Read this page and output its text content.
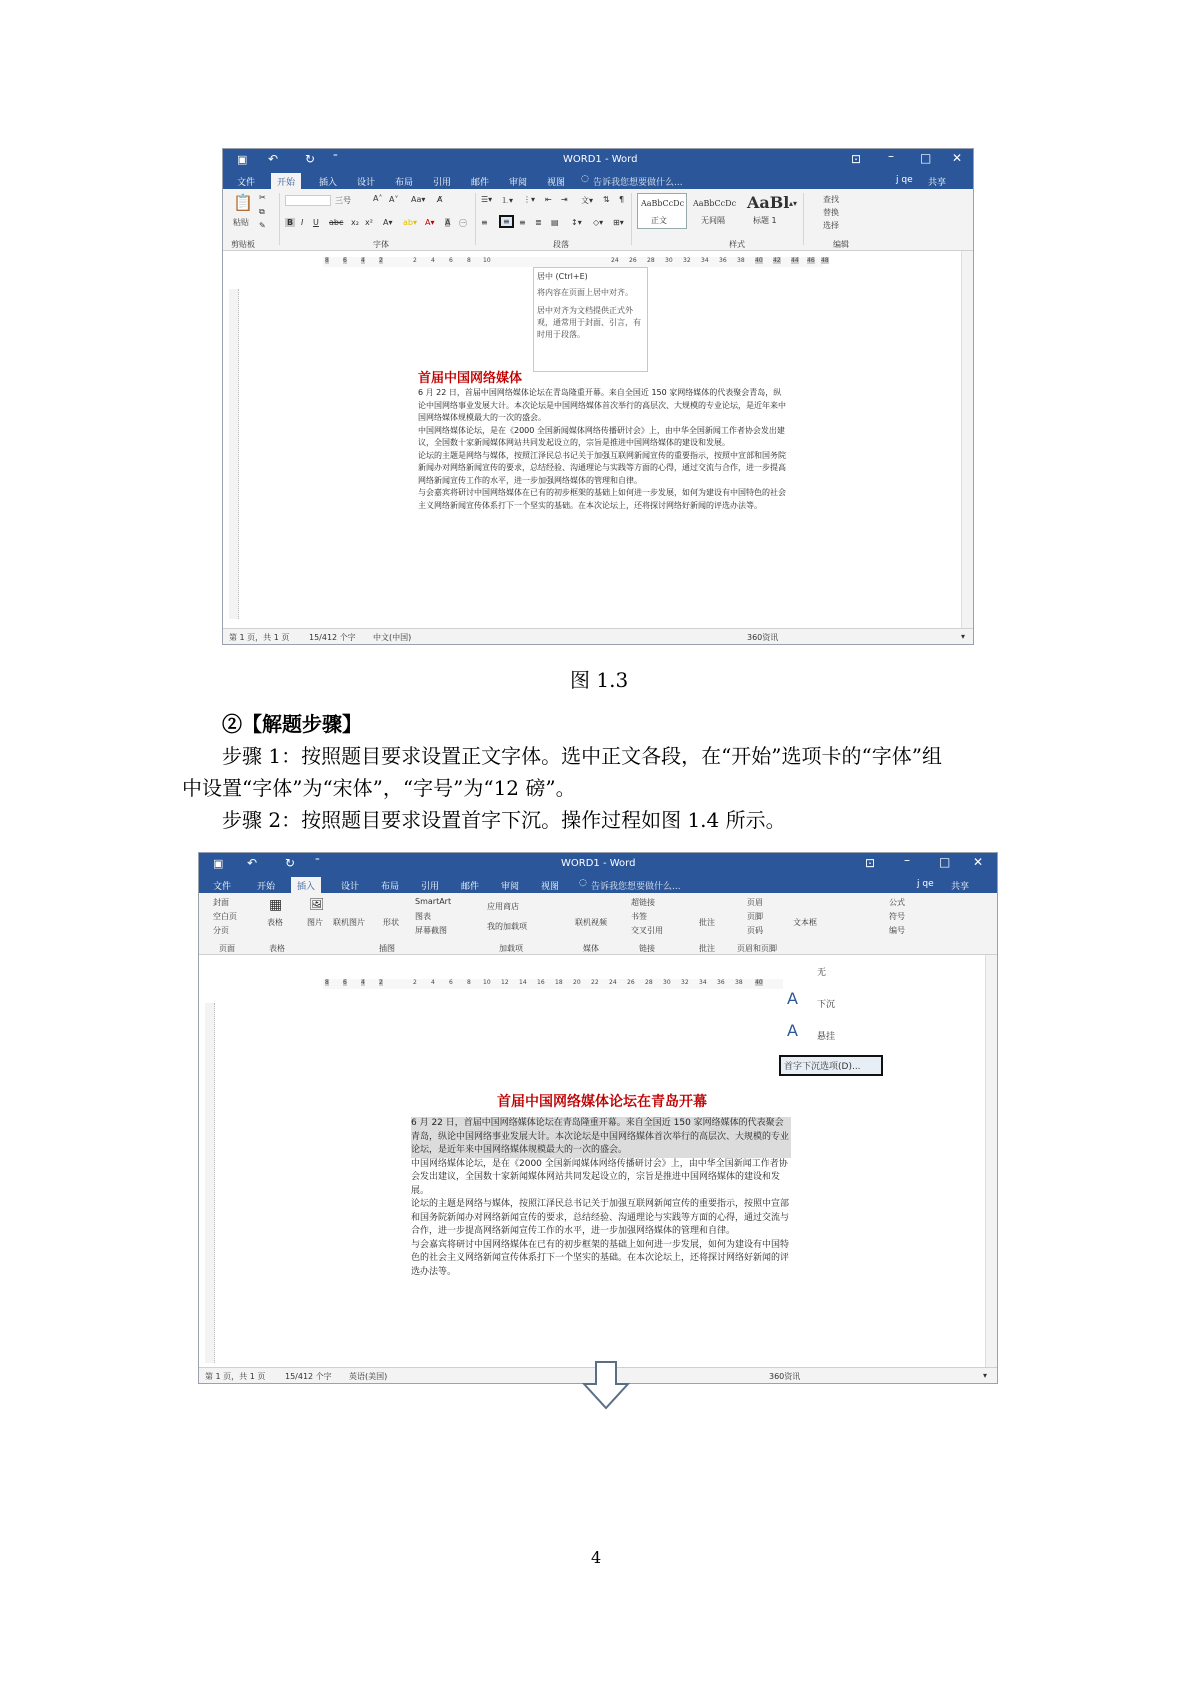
▣ ↶ ↻ ⁼	WORD1 - Word	⊡ – □ ✕
文件	开始	插入 设计 布局 引用 邮件 审阅 视图 ◌ 告诉我您想要做什么...	j qe 共享
📋
粘贴
✂
⧉
✎
三号	A˄ A˅ Aa▾ A̸
B I U abc x₂ x² A▾ ab▾ A▾ A ㊀
☰▾ ⒈▾ ⋮▾ ⇤ ⇥ 文▾ ⇅ ¶
≡	≡	≡ ≣ ▤ ↕▾ ◇▾ ⊞▾
AaBbCcDc
正文
AaBbCcDc
无间隔
AaBl
标题 1
▴▾	查找
替换
选择
剪贴板	字体	段落	样式	编辑
8 6 4 2	2 4 6 8 10	24 26 28 30 32 34 36 38 40 42 44 46 48
居中 (Ctrl+E)
将内容在页面上居中对齐。
居中对齐为文档提供正式外观，通常用于封面、引言，有时用于段落。
首届中国网络媒体

6 月 22 日，首届中国网络媒体论坛在青岛隆重开幕。来自全国近 150 家网络媒体的代表聚会青岛，纵论中国网络事业发展大计。本次论坛是中国网络媒体首次举行的高层次、大规模的专业论坛，是近年来中国网络媒体规模最大的一次的盛会。

中国网络媒体论坛，是在《2000 全国新闻媒体网络传播研讨会》上，由中华全国新闻工作者协会发出建议，全国数十家新闻媒体网站共同发起设立的，宗旨是推进中国网络媒体的建设和发展。

论坛的主题是网络与媒体，按照江泽民总书记关于加强互联网新闻宣传的重要指示，按照中宣部和国务院新闻办对网络新闻宣传的要求，总结经验、沟通理论与实践等方面的心得，通过交流与合作，进一步提高网络新闻宣传工作的水平，进一步加强网络媒体的管理和自律。

与会嘉宾将研讨中国网络媒体在已有的初步框架的基础上如何进一步发展，如何为建设有中国特色的社会主义网络新闻宣传体系打下一个坚实的基础。在本次论坛上，还将探讨网络好新闻的评选办法等。

第 1 页，共 1 页 15/412 个字 中文(中国)	360资讯	▾
图 1.3
②【解题步骤】
步骤 1：按照题目要求设置正文字体。选中正文各段，在“开始”选项卡的“字体”组
中设置“字体”为“宋体”，“字号”为“12 磅”。
步骤 2：按照题目要求设置首字下沉。操作过程如图 1.4 所示。
▣ ↶ ↻ ⁼	WORD1 - Word	⊡ – □ ✕
文件	开始	插入	设计 布局 引用 邮件 审阅 视图 ◌ 告诉我您想要做什么...	j qe 共享
封面
空白页
分页
▦
表格
🖼
图片 联机图片 形状
SmartArt
图表
屏幕截图
应用商店
我的加载项	联机视频
超链接
书签
交叉引用
批注
页眉
页脚
页码
文本框
公式
符号
编号
页面	表格	插图	加载项	媒体	链接	批注	页眉和页脚
8 6 4 2	2 4 6 8 10 12 14 16 18 20 22 24 26 28 30 32 34 36 38 40
无
A 下沉
A 悬挂
首字下沉选项(D)...
首届中国网络媒体论坛在青岛开幕

6 月 22 日，首届中国网络媒体论坛在青岛隆重开幕。来自全国近 150 家网络媒体的代表聚会青岛，纵论中国网络事业发展大计。本次论坛是中国网络媒体首次举行的高层次、大规模的专业论坛，是近年来中国网络媒体规模最大的一次的盛会。

中国网络媒体论坛，是在《2000 全国新闻媒体网络传播研讨会》上，由中华全国新闻工作者协会发出建议，全国数十家新闻媒体网站共同发起设立的，宗旨是推进中国网络媒体的建设和发展。

论坛的主题是网络与媒体，按照江泽民总书记关于加强互联网新闻宣传的重要指示，按照中宣部和国务院新闻办对网络新闻宣传的要求，总结经验、沟通理论与实践等方面的心得，通过交流与合作，进一步提高网络新闻宣传工作的水平，进一步加强网络媒体的管理和自律。

与会嘉宾将研讨中国网络媒体在已有的初步框架的基础上如何进一步发展，如何为建设有中国特色的社会主义网络新闻宣传体系打下一个坚实的基础。在本次论坛上，还将探讨网络好新闻的评选办法等。

第 1 页，共 1 页 15/412 个字 英语(美国)	360资讯	▾
4
